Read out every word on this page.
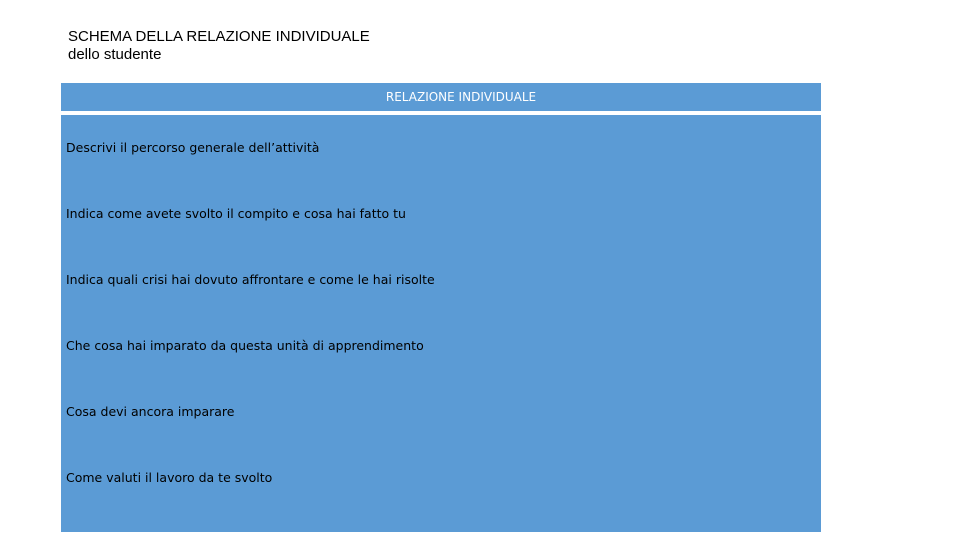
SCHEMA DELLA RELAZIONE INDIVIDUALE
dello studente
RELAZIONE INDIVIDUALE
Descrivi il percorso generale dell’attività
Indica come avete svolto il compito e cosa hai fatto tu
Indica quali crisi hai dovuto affrontare e come le hai risolte
Che cosa hai imparato da questa unità di apprendimento
Cosa devi ancora imparare
Come valuti il lavoro da te svolto
